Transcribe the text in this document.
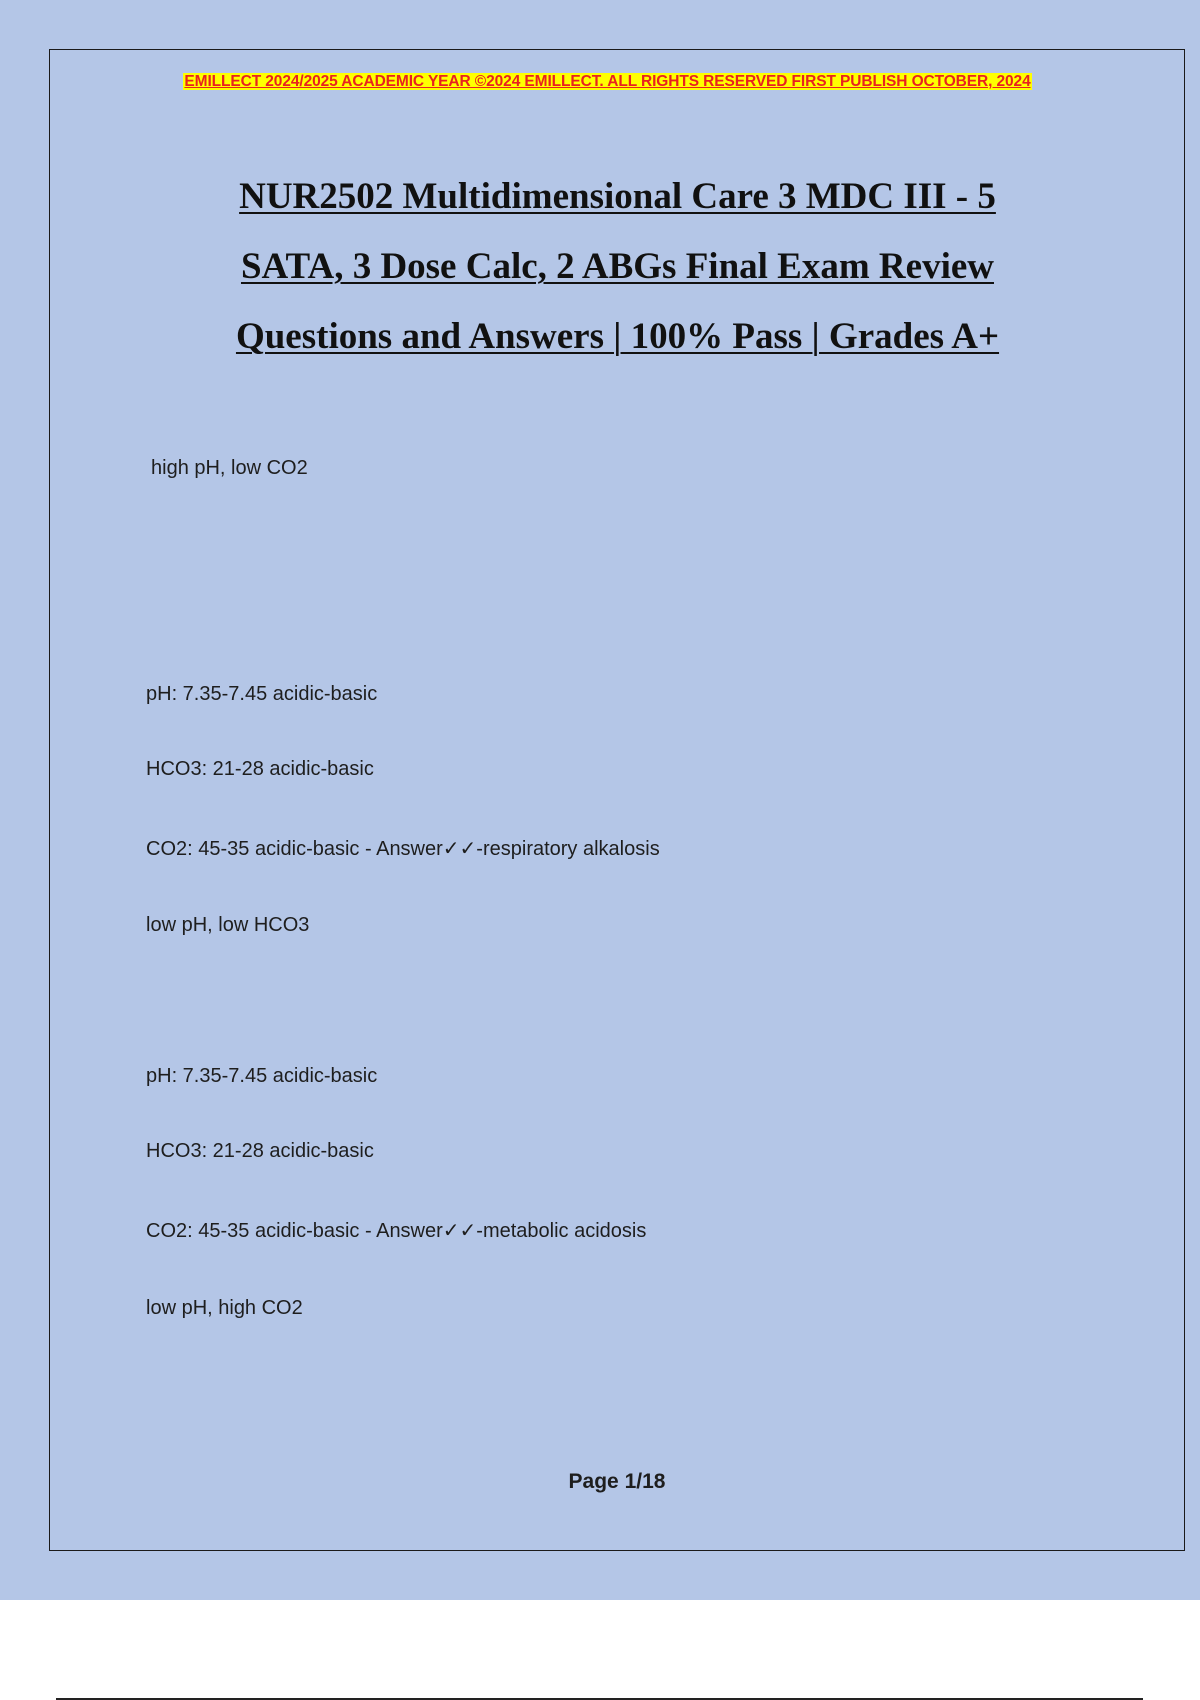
EMILLECT 2024/2025 ACADEMIC YEAR ©2024 EMILLECT. ALL RIGHTS RESERVED FIRST PUBLISH OCTOBER, 2024
NUR2502 Multidimensional Care 3 MDC III - 5
SATA, 3 Dose Calc, 2 ABGs Final Exam Review
Questions and Answers | 100% Pass | Grades A+
high pH, low CO2
pH: 7.35-7.45 acidic-basic
HCO3: 21-28 acidic-basic
CO2: 45-35 acidic-basic - Answer✓✓-respiratory alkalosis
low pH, low HCO3
pH: 7.35-7.45 acidic-basic
HCO3: 21-28 acidic-basic
CO2: 45-35 acidic-basic - Answer✓✓-metabolic acidosis
low pH, high CO2
Page 1/18
